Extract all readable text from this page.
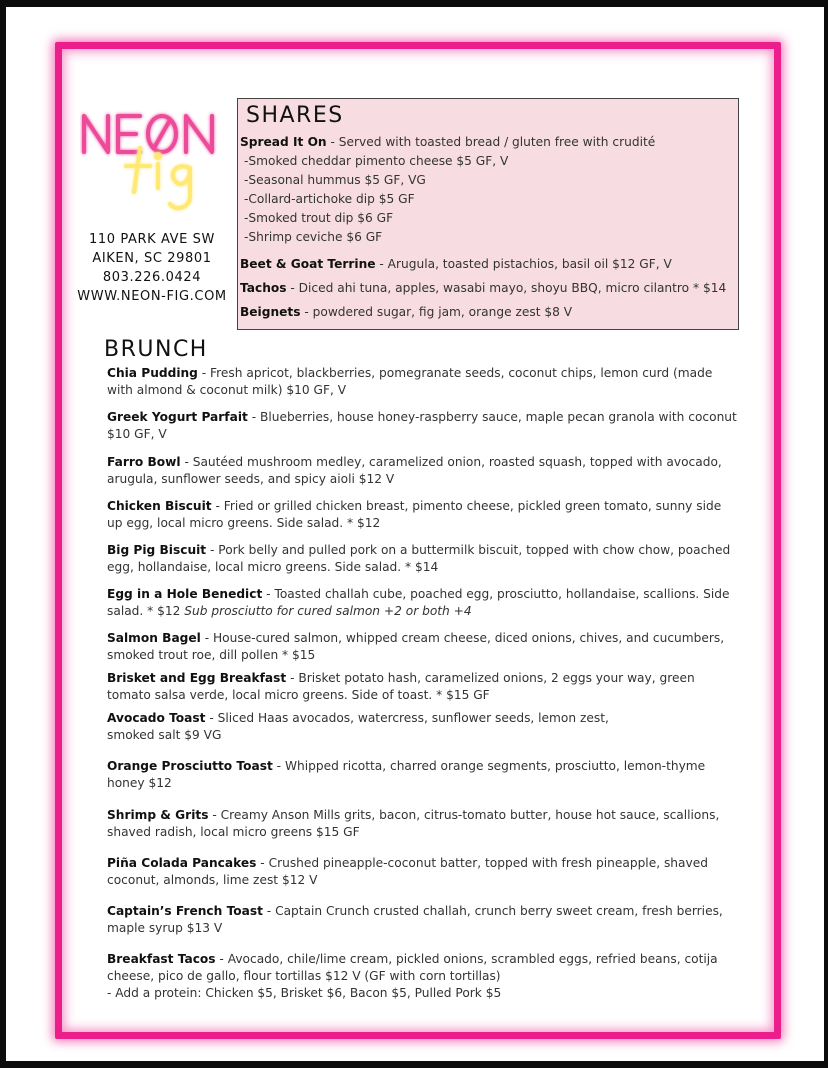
110 PARK AVE SW
AIKEN, SC 29801
803.226.0424
WWW.NEON-FIG.COM
SHARES
Spread It On - Served with toasted bread / gluten free with crudité
-Smoked cheddar pimento cheese $5 GF, V
-Seasonal hummus $5 GF, VG
-Collard-artichoke dip $5 GF
-Smoked trout dip $6 GF
-Shrimp ceviche $6 GF
Beet & Goat Terrine - Arugula, toasted pistachios, basil oil $12 GF, V
Tachos - Diced ahi tuna, apples, wasabi mayo, shoyu BBQ, micro cilantro * $14
Beignets - powdered sugar, fig jam, orange zest $8 V
BRUNCH
Chia Pudding - Fresh apricot, blackberries, pomegranate seeds, coconut chips, lemon curd (made with almond & coconut milk) $10 GF, V
Greek Yogurt Parfait - Blueberries, house honey-raspberry sauce, maple pecan granola with coconut $10 GF, V
Farro Bowl - Sautéed mushroom medley, caramelized onion, roasted squash, topped with avocado, arugula, sunflower seeds, and spicy aioli $12 V
Chicken Biscuit - Fried or grilled chicken breast, pimento cheese, pickled green tomato, sunny side up egg, local micro greens. Side salad. * $12
Big Pig Biscuit - Pork belly and pulled pork on a buttermilk biscuit, topped with chow chow, poached egg, hollandaise, local micro greens. Side salad. * $14
Egg in a Hole Benedict - Toasted challah cube, poached egg, prosciutto, hollandaise, scallions. Side salad. * $12 Sub prosciutto for cured salmon +2 or both +4
Salmon Bagel - House-cured salmon, whipped cream cheese, diced onions, chives, and cucumbers, smoked trout roe, dill pollen * $15
Brisket and Egg Breakfast - Brisket potato hash, caramelized onions, 2 eggs your way, green tomato salsa verde, local micro greens. Side of toast. * $15 GF
Avocado Toast - Sliced Haas avocados, watercress, sunflower seeds, lemon zest, smoked salt $9 VG
Orange Prosciutto Toast - Whipped ricotta, charred orange segments, prosciutto, lemon-thyme honey $12
Shrimp & Grits - Creamy Anson Mills grits, bacon, citrus-tomato butter, house hot sauce, scallions, shaved radish, local micro greens $15 GF
Piña Colada Pancakes - Crushed pineapple-coconut batter, topped with fresh pineapple, shaved coconut, almonds, lime zest $12 V
Captain’s French Toast - Captain Crunch crusted challah, crunch berry sweet cream, fresh berries, maple syrup $13 V
Breakfast Tacos - Avocado, chile/lime cream, pickled onions, scrambled eggs, refried beans, cotija cheese, pico de gallo, flour tortillas $12 V (GF with corn tortillas)
- Add a protein: Chicken $5, Brisket $6, Bacon $5, Pulled Pork $5
